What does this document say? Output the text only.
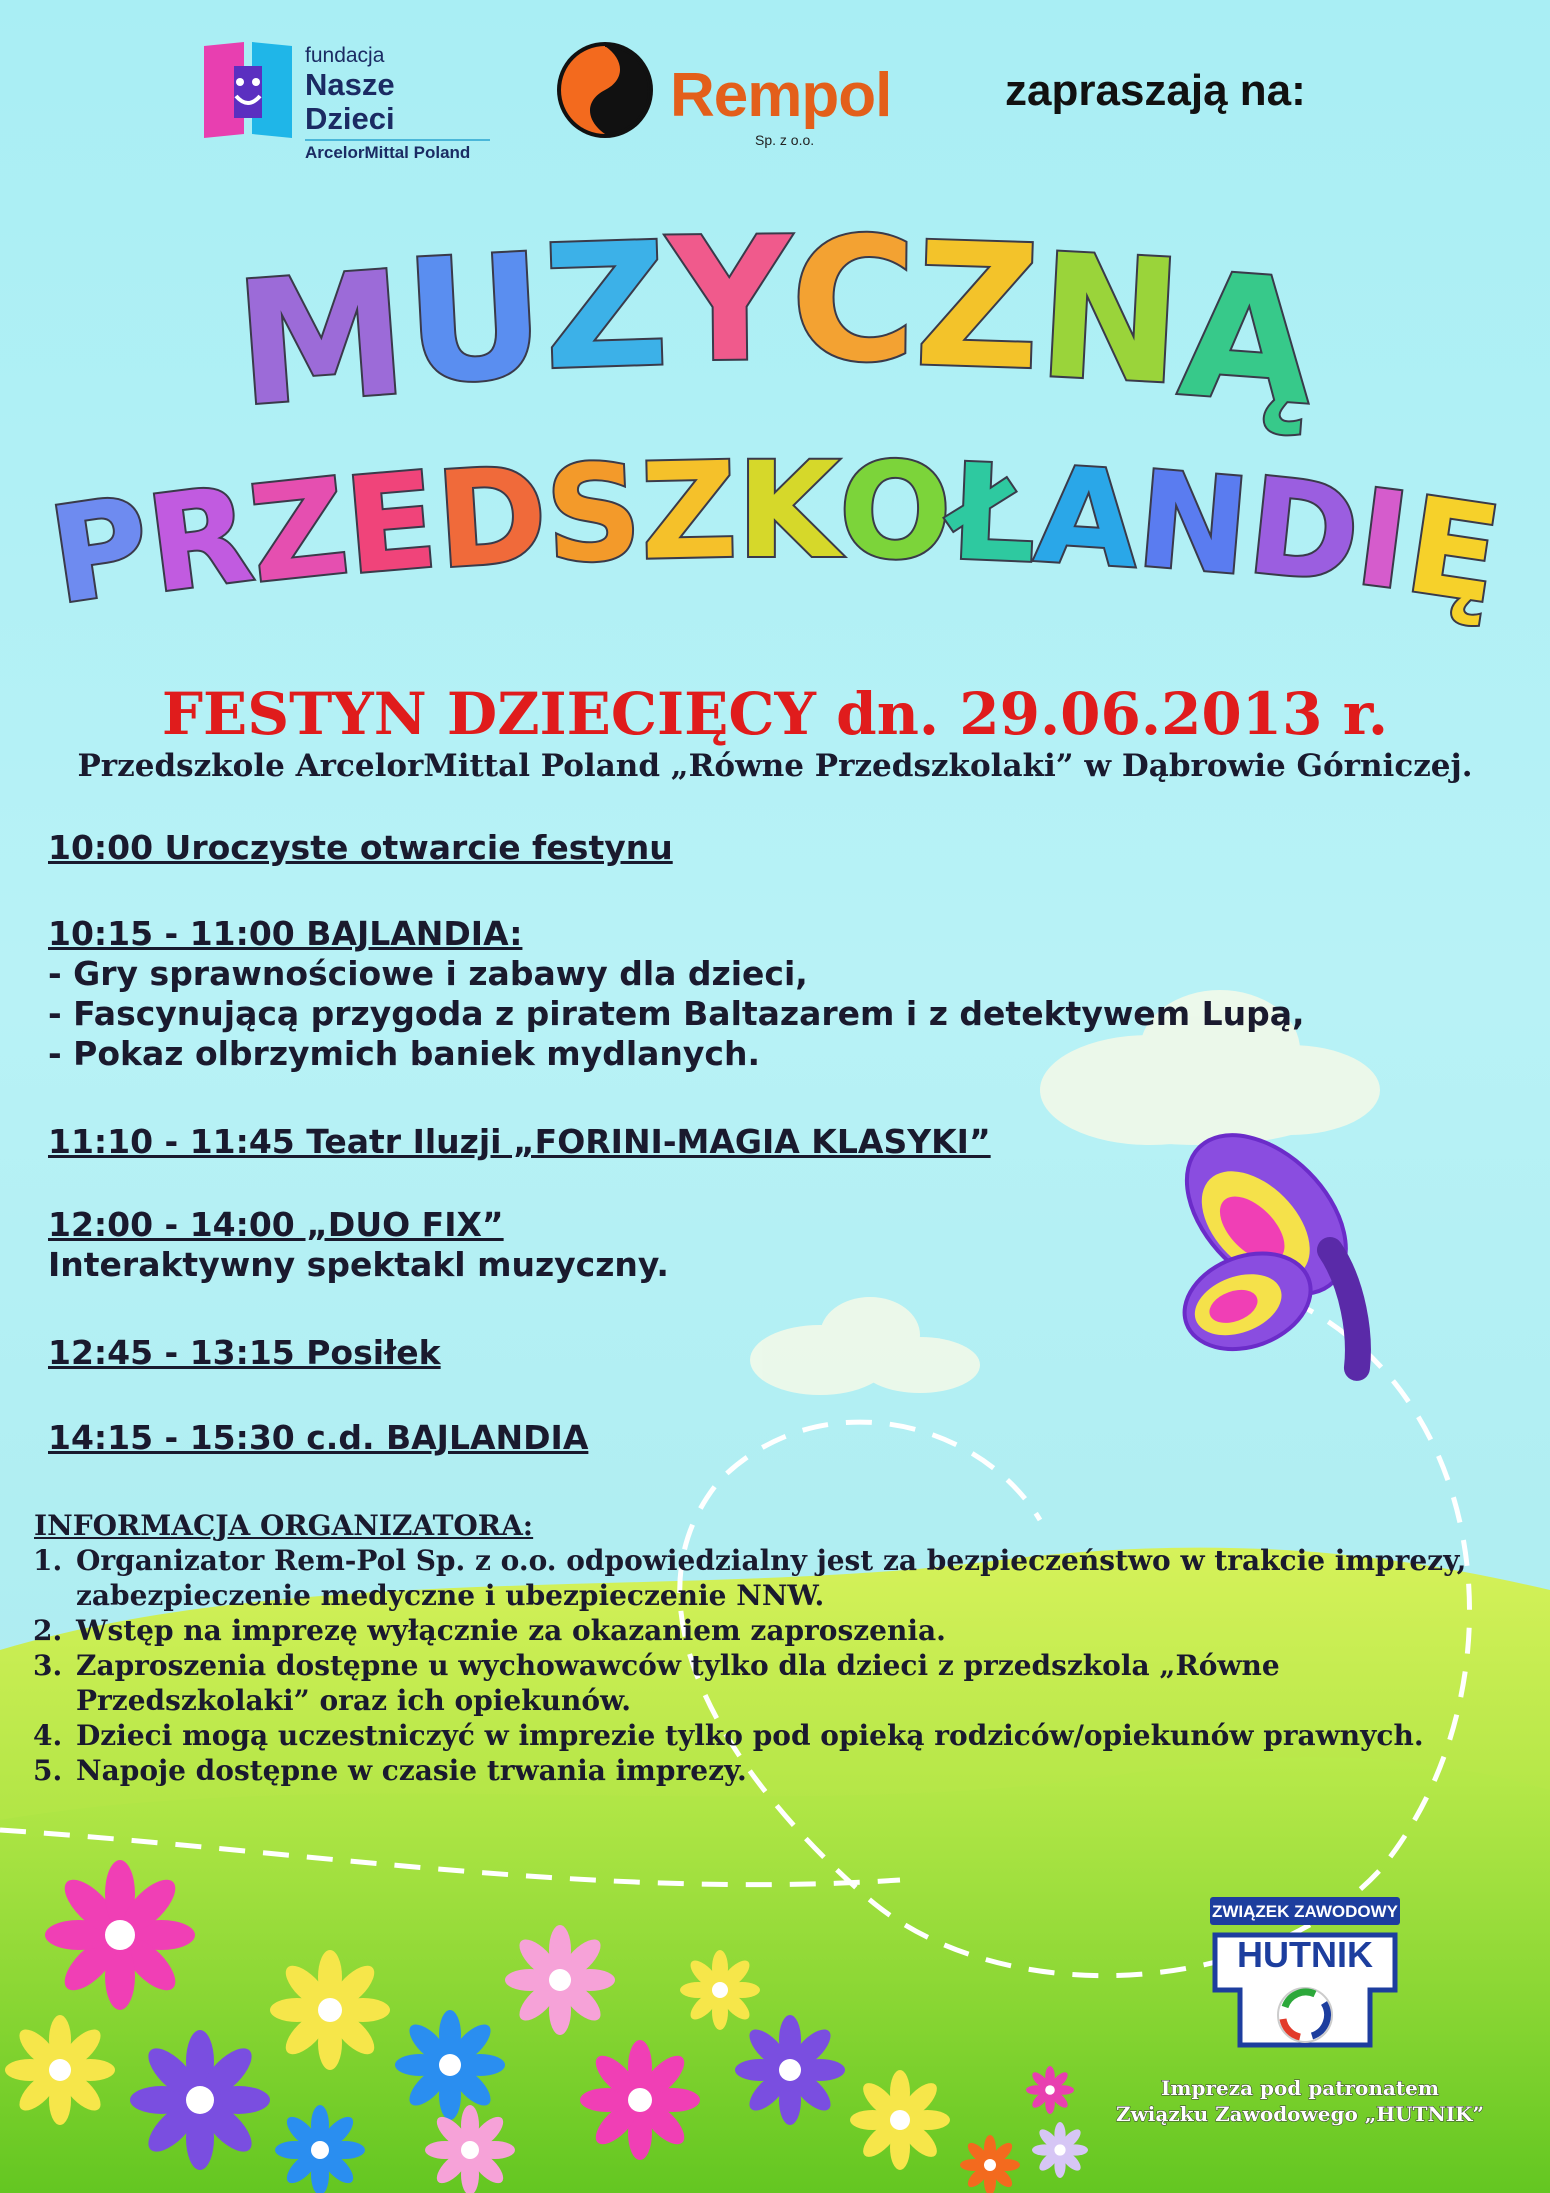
fundacja
Nasze Dzieci
ArcelorMittal Poland
Rempol
Sp. z o.o.
zapraszają na:
M
U
Z
Y
C
Z
N
Ą
P
R
Z
E
D
S
Z
K
O
Ł
A
N
D
I
Ę
FESTYN DZIECIĘCY dn. 29.06.2013 r.
Przedszkole ArcelorMittal Poland „Równe Przedszkolaki” w Dąbrowie Górniczej.
10:00 Uroczyste otwarcie festynu
10:15 - 11:00 BAJLANDIA:
- Gry sprawnościowe i zabawy dla dzieci,
- Fascynującą przygoda z piratem Baltazarem i z detektywem Lupą,
- Pokaz olbrzymich baniek mydlanych.
11:10 - 11:45 Teatr Iluzji „FORINI-MAGIA KLASYKI”
12:00 - 14:00 „DUO FIX”
Interaktywny spektakl muzyczny.
12:45 - 13:15 Posiłek
14:15 - 15:30 c.d. BAJLANDIA
INFORMACJA ORGANIZATORA:
1. Organizator Rem-Pol Sp. z o.o. odpowiedzialny jest za bezpieczeństwo w trakcie imprezy, zabezpieczenie medyczne i ubezpieczenie NNW.
2. Wstęp na imprezę wyłącznie za okazaniem zaproszenia.
3. Zaproszenia dostępne u wychowawców tylko dla dzieci z przedszkola „Równe Przedszkolaki” oraz ich opiekunów.
4. Dzieci mogą uczestniczyć w imprezie tylko pod opieką rodziców/opiekunów prawnych.
5. Napoje dostępne w czasie trwania imprezy.
ZWIĄZEK ZAWODOWY
HUTNIK
Impreza pod patronatem
Związku Zawodowego „HUTNIK”
